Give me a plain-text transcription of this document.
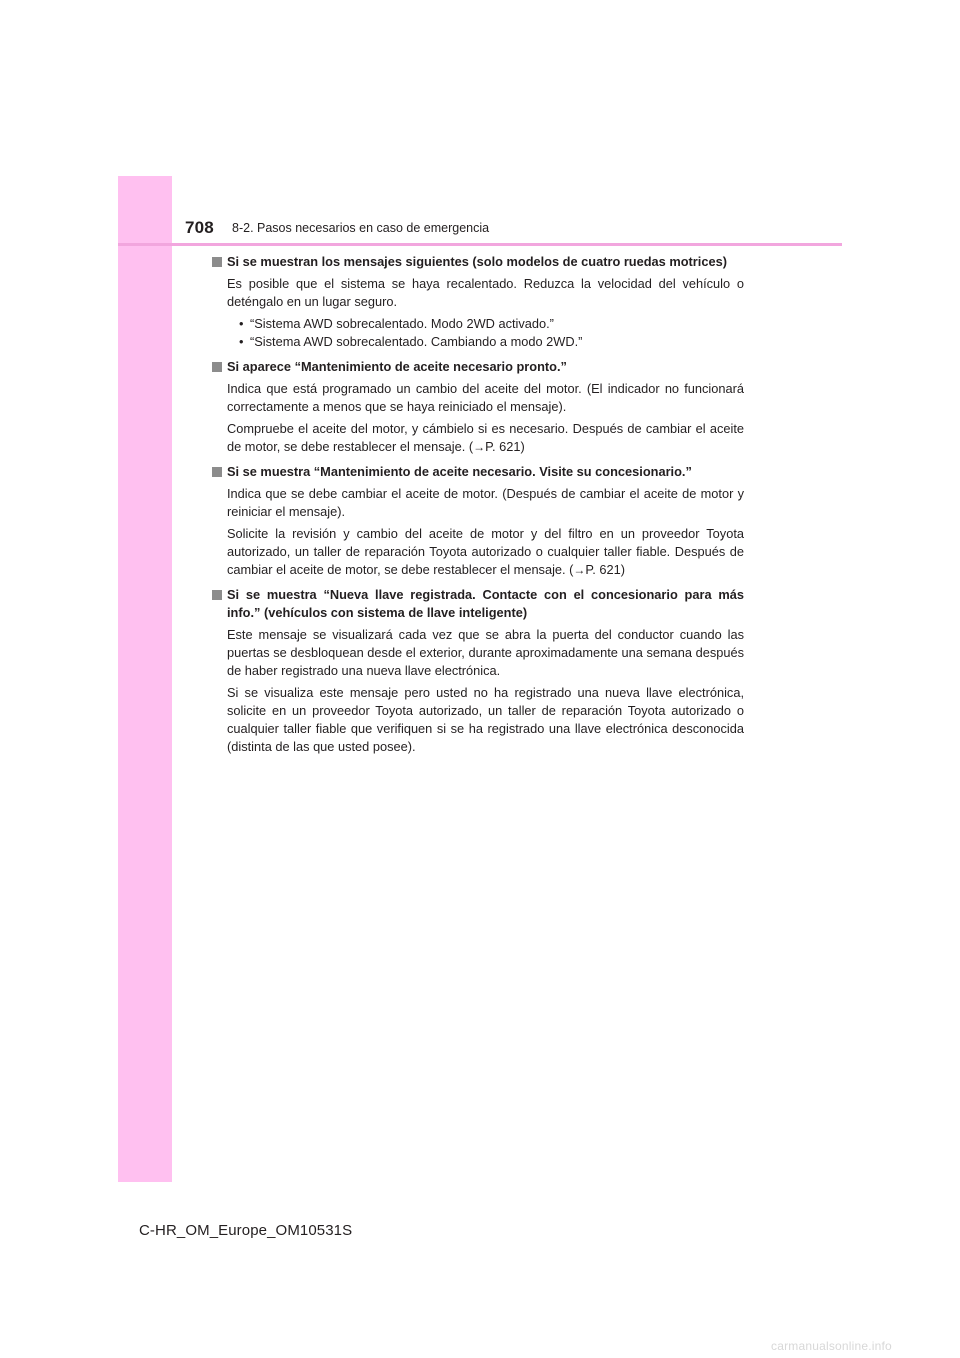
708 8-2. Pasos necesarios en caso de emergencia

Si se muestran los mensajes siguientes (solo modelos de cuatro ruedas motrices)

Es posible que el sistema se haya recalentado. Reduzca la velocidad del vehículo o deténgalo en un lugar seguro.

• “Sistema AWD sobrecalentado. Modo 2WD activado.”
• “Sistema AWD sobrecalentado. Cambiando a modo 2WD.”

Si aparece “Mantenimiento de aceite necesario pronto.”

Indica que está programado un cambio del aceite del motor. (El indicador no funcionará correctamente a menos que se haya reiniciado el mensaje).

Compruebe el aceite del motor, y cámbielo si es necesario. Después de cambiar el aceite de motor, se debe restablecer el mensaje. (→P. 621)

Si se muestra “Mantenimiento de aceite necesario. Visite su concesionario.”

Indica que se debe cambiar el aceite de motor. (Después de cambiar el aceite de motor y reiniciar el mensaje).

Solicite la revisión y cambio del aceite de motor y del filtro en un proveedor Toyota autorizado, un taller de reparación Toyota autorizado o cualquier taller fiable. Después de cambiar el aceite de motor, se debe restablecer el mensaje. (→P. 621)

Si se muestra “Nueva llave registrada. Contacte con el concesionario para más info.” (vehículos con sistema de llave inteligente)

Este mensaje se visualizará cada vez que se abra la puerta del conductor cuando las puertas se desbloquean desde el exterior, durante aproximadamente una semana después de haber registrado una nueva llave electrónica.

Si se visualiza este mensaje pero usted no ha registrado una nueva llave electrónica, solicite en un proveedor Toyota autorizado, un taller de reparación Toyota autorizado o cualquier taller fiable que verifiquen si se ha registrado una llave electrónica desconocida (distinta de las que usted posee).

C-HR_OM_Europe_OM10531S
carmanualsonline.info
